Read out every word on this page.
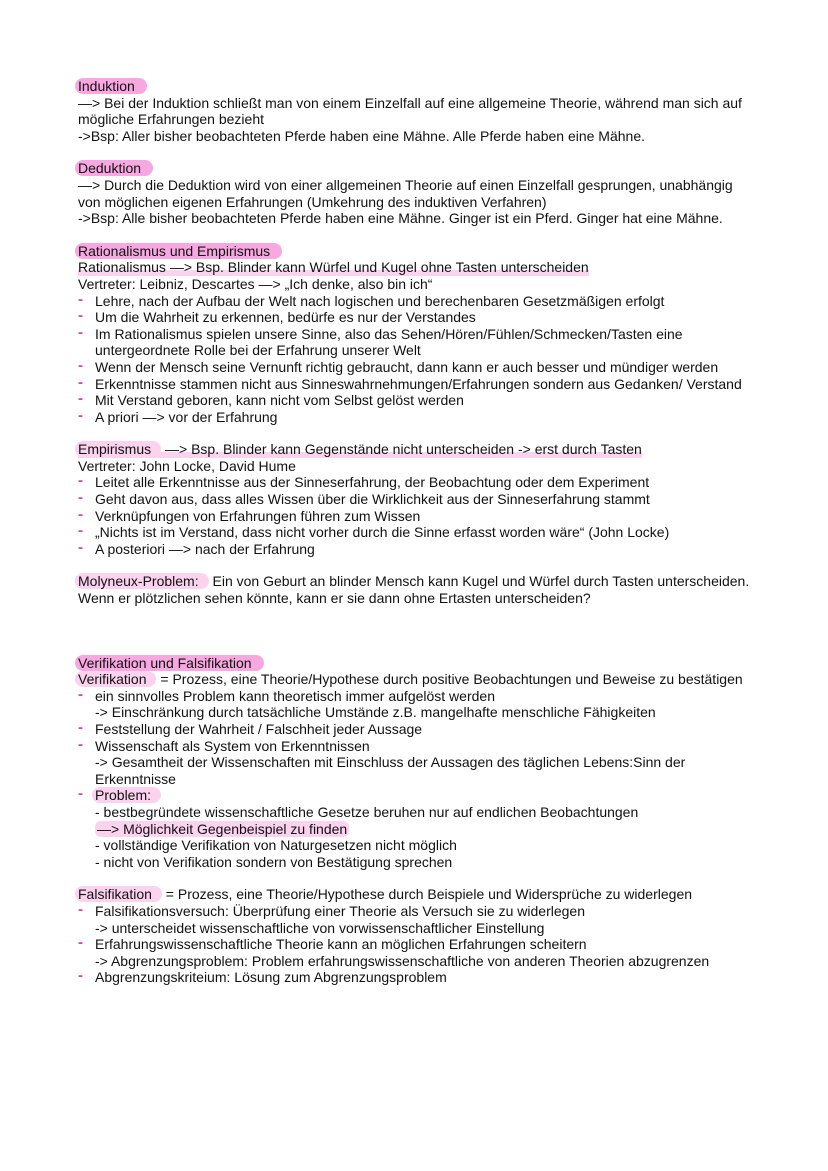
Induktion

—> Bei der Induktion schließt man von einem Einzelfall auf eine allgemeine Theorie, während man sich auf mögliche Erfahrungen bezieht

->Bsp: Aller bisher beobachteten Pferde haben eine Mähne. Alle Pferde haben eine Mähne.

Deduktion

—> Durch die Deduktion wird von einer allgemeinen Theorie auf einen Einzelfall gesprungen, unabhängig von möglichen eigenen Erfahrungen (Umkehrung des induktiven Verfahren)

->Bsp: Alle bisher beobachteten Pferde haben eine Mähne. Ginger ist ein Pferd. Ginger hat eine Mähne.

Rationalismus und Empirismus

Rationalismus —> Bsp. Blinder kann Würfel und Kugel ohne Tasten unterscheiden

Vertreter: Leibniz, Descartes —> „Ich denke, also bin ich“

- Lehre, nach der Aufbau der Welt nach logischen und berechenbaren Gesetzmäßigen erfolgt
- Um die Wahrheit zu erkennen, bedürfe es nur der Verstandes
- Im Rationalismus spielen unsere Sinne, also das Sehen/Hören/Fühlen/Schmecken/Tasten eine untergeordnete Rolle bei der Erfahrung unserer Welt
- Wenn der Mensch seine Vernunft richtig gebraucht, dann kann er auch besser und mündiger werden
- Erkenntnisse stammen nicht aus Sinneswahrnehmungen/Erfahrungen sondern aus Gedanken/ Verstand
- Mit Verstand geboren, kann nicht vom Selbst gelöst werden
- A priori —> vor der Erfahrung

Empirismus —> Bsp. Blinder kann Gegenstände nicht unterscheiden -> erst durch Tasten

Vertreter: John Locke, David Hume

- Leitet alle Erkenntnisse aus der Sinneserfahrung, der Beobachtung oder dem Experiment
- Geht davon aus, dass alles Wissen über die Wirklichkeit aus der Sinneserfahrung stammt
- Verknüpfungen von Erfahrungen führen zum Wissen
- „Nichts ist im Verstand, dass nicht vorher durch die Sinne erfasst worden wäre“ (John Locke)
- A posteriori —> nach der Erfahrung

Molyneux-Problem: Ein von Geburt an blinder Mensch kann Kugel und Würfel durch Tasten unterscheiden. Wenn er plötzlichen sehen könnte, kann er sie dann ohne Ertasten unterscheiden?

Verifikation und Falsifikation

Verifikation = Prozess, eine Theorie/Hypothese durch positive Beobachtungen und Beweise zu bestätigen

- ein sinnvolles Problem kann theoretisch immer aufgelöst werden
-> Einschränkung durch tatsächliche Umstände z.B. mangelhafte menschliche Fähigkeiten
- Feststellung der Wahrheit / Falschheit jeder Aussage
- Wissenschaft als System von Erkenntnissen
-> Gesamtheit der Wissenschaften mit Einschluss der Aussagen des täglichen Lebens:Sinn der Erkenntnisse
- Problem:
- bestbegründete wissenschaftliche Gesetze beruhen nur auf endlichen Beobachtungen
—> Möglichkeit Gegenbeispiel zu finden
- vollständige Verifikation von Naturgesetzen nicht möglich
- nicht von Verifikation sondern von Bestätigung sprechen

Falsifikation = Prozess, eine Theorie/Hypothese durch Beispiele und Widersprüche zu widerlegen

- Falsifikationsversuch: Überprüfung einer Theorie als Versuch sie zu widerlegen
-> unterscheidet wissenschaftliche von vorwissenschaftlicher Einstellung
- Erfahrungswissenschaftliche Theorie kann an möglichen Erfahrungen scheitern
-> Abgrenzungsproblem: Problem erfahrungswissenschaftliche von anderen Theorien abzugrenzen
- Abgrenzungskriteium: Lösung zum Abgrenzungsproblem
